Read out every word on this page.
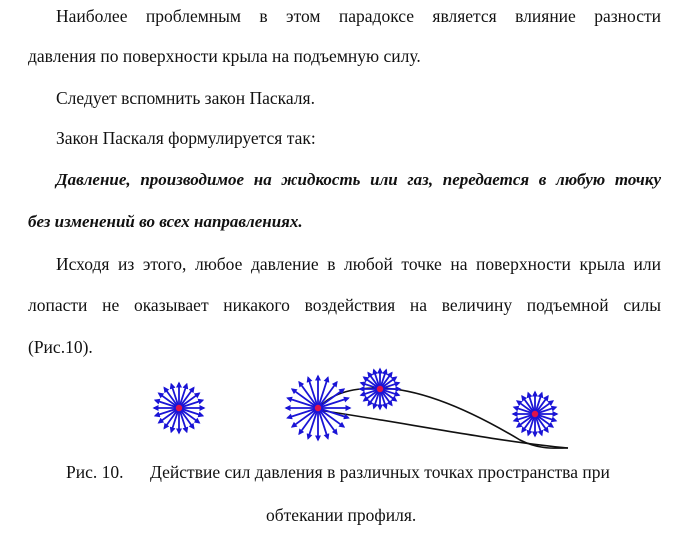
Наиболее проблемным в этом парадоксе является влияние разности
давления по поверхности крыла на подъемную силу.
Следует вспомнить закон Паскаля.
Закон Паскаля формулируется так:
Давление, производимое на жидкость или газ, передается в любую точку
без изменений во всех направлениях.
Исходя из этого, любое давление в любой точке на поверхности крыла или
лопасти не оказывает никакого воздействия на величину подъемной силы
(Рис.10).
Рис. 10. Действие сил давления в различных точках пространства при
обтекании профиля.
